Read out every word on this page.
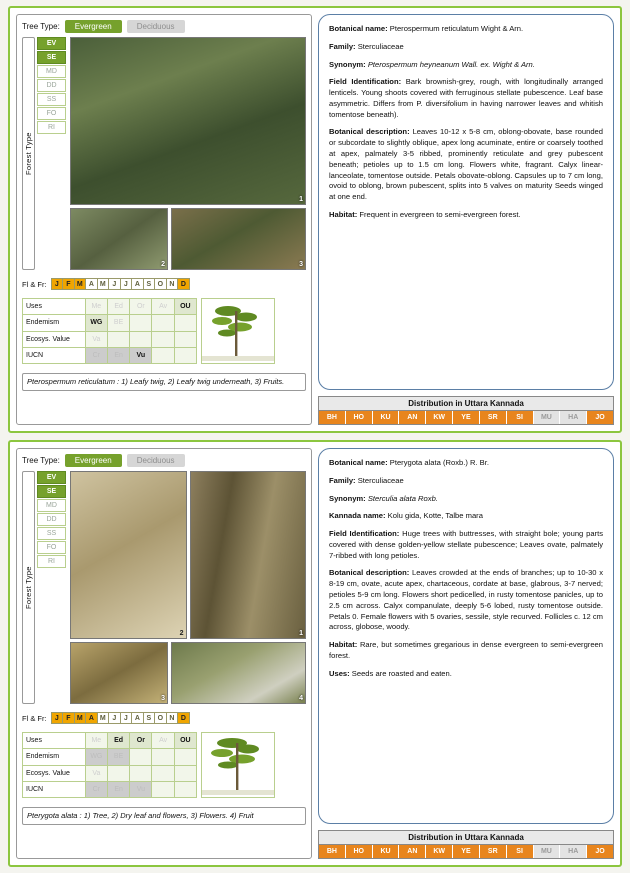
Tree Type:	Evergreen	Deciduous
Forest Type
EV
SE
MD
DD
SS
FO
RI
1
2	3
Fl & Fr:	J	F M A M J	J	A S O N D
Uses	Me	Ed	Or	Av	OU
Endemism	WG	BE			
Ecosys. Value	Va				
IUCN	Cr	En	Vu		
Pterospermum reticulatum : 1) Leafy twig, 2) Leafy twig underneath, 3) Fruits.

Botanical name: Pterospermum reticulatum Wight & Arn.

Family: Sterculiaceae

Synonym: Pterospermum heyneanum Wall. ex. Wight & Arn.

Field Identification: Bark brownish-grey, rough, with longitudinally arranged lenticels. Young shoots covered with ferruginous stellate pubescence. Leaf base asymmetric. Differs from P. diversifolium in having narrower leaves and whitish tomentose beneath).

Botanical description: Leaves 10-12 x 5-8 cm, oblong-obovate, base rounded or subcordate to slightly oblique, apex long acuminate, entire or coarsely toothed at apex, palmately 3-5 ribbed, prominently reticulate and grey pubescent beneath; petioles up to 1.5 cm long. Flowers white, fragrant. Calyx linear-lanceolate, tomentose outside. Petals obovate-oblong. Capsules up to 7 cm long, ovoid to oblong, brown pubescent, splits into 5 valves on maturity Seeds winged at one end.

Habitat: Frequent in evergreen to semi-evergreen forest.

Distribution in Uttara Kannada
BH	HO	KU	AN	KW	YE	SR	SI	MU	HA	JO
Tree Type:	Evergreen	Deciduous
Forest Type
EV
SE
MD
DD
SS
FO
RI
2	1
3	4
Fl & Fr:	J	F M A M J	J	A S O N D
Uses	Me	Ed	Or	Av	OU
Endemism	WG	BE			
Ecosys. Value	Va				
IUCN	Cr	En	Vu		
Pterygota alata : 1) Tree, 2) Dry leaf and flowers, 3) Flowers. 4) Fruit

Botanical name: Pterygota alata (Roxb.) R. Br.

Family: Sterculiaceae

Synonym: Sterculia alata Roxb.

Kannada name: Kolu gida, Kotte, Talbe mara

Field Identification: Huge trees with buttresses, with straight bole; young parts covered with dense golden-yellow stellate pubescence; Leaves ovate, palmately 7-ribbed with long petioles.

Botanical description: Leaves crowded at the ends of branches; up to 10-30 x 8-19 cm, ovate, acute apex, chartaceous, cordate at base, glabrous, 3-7 nerved; petioles 5-9 cm long. Flowers short pedicelled, in rusty tomentose panicles, up to 2.5 cm across. Calyx companulate, deeply 5-6 lobed, rusty tomentose outside. Petals 0. Female flowers with 5 ovaries, sessile, style recurved. Follicles c. 12 cm across, globose, woody.

Habitat: Rare, but sometimes gregarious in dense evergreen to semi-evergreen forest.

Uses: Seeds are roasted and eaten.

Distribution in Uttara Kannada
BH	HO	KU	AN	KW	YE	SR	SI	MU	HA	JO
